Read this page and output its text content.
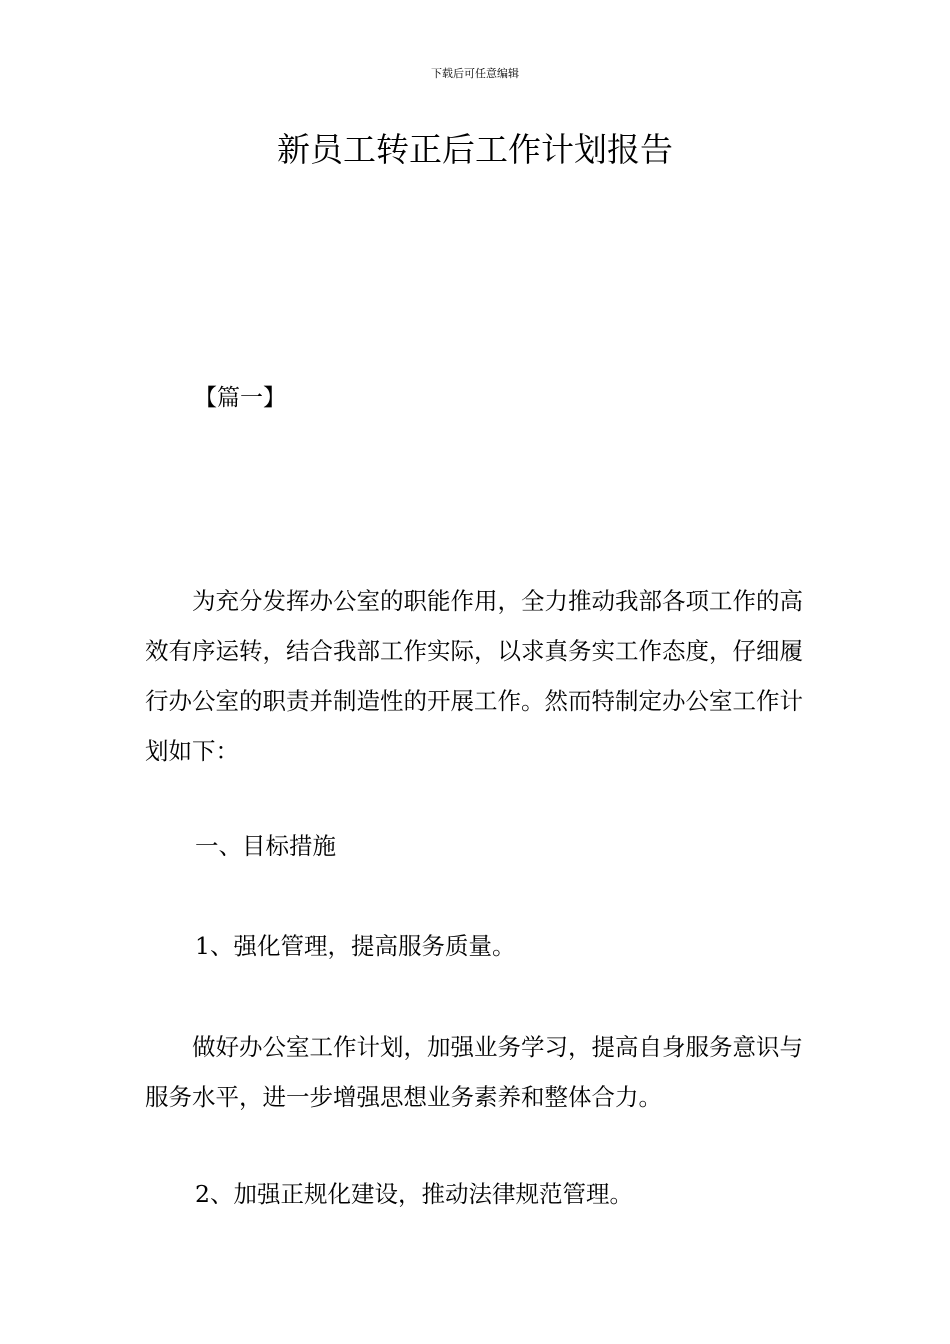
下载后可任意编辑
新员工转正后工作计划报告

【篇一】

为充分发挥办公室的职能作用，全力推动我部各项工作的高效有序运转，结合我部工作实际，以求真务实工作态度，仔细履行办公室的职责并制造性的开展工作。然而特制定办公室工作计划如下：

一、目标措施

1、强化管理，提高服务质量。

做好办公室工作计划，加强业务学习，提高自身服务意识与服务水平，进一步增强思想业务素养和整体合力。

2、加强正规化建设，推动法律规范管理。
